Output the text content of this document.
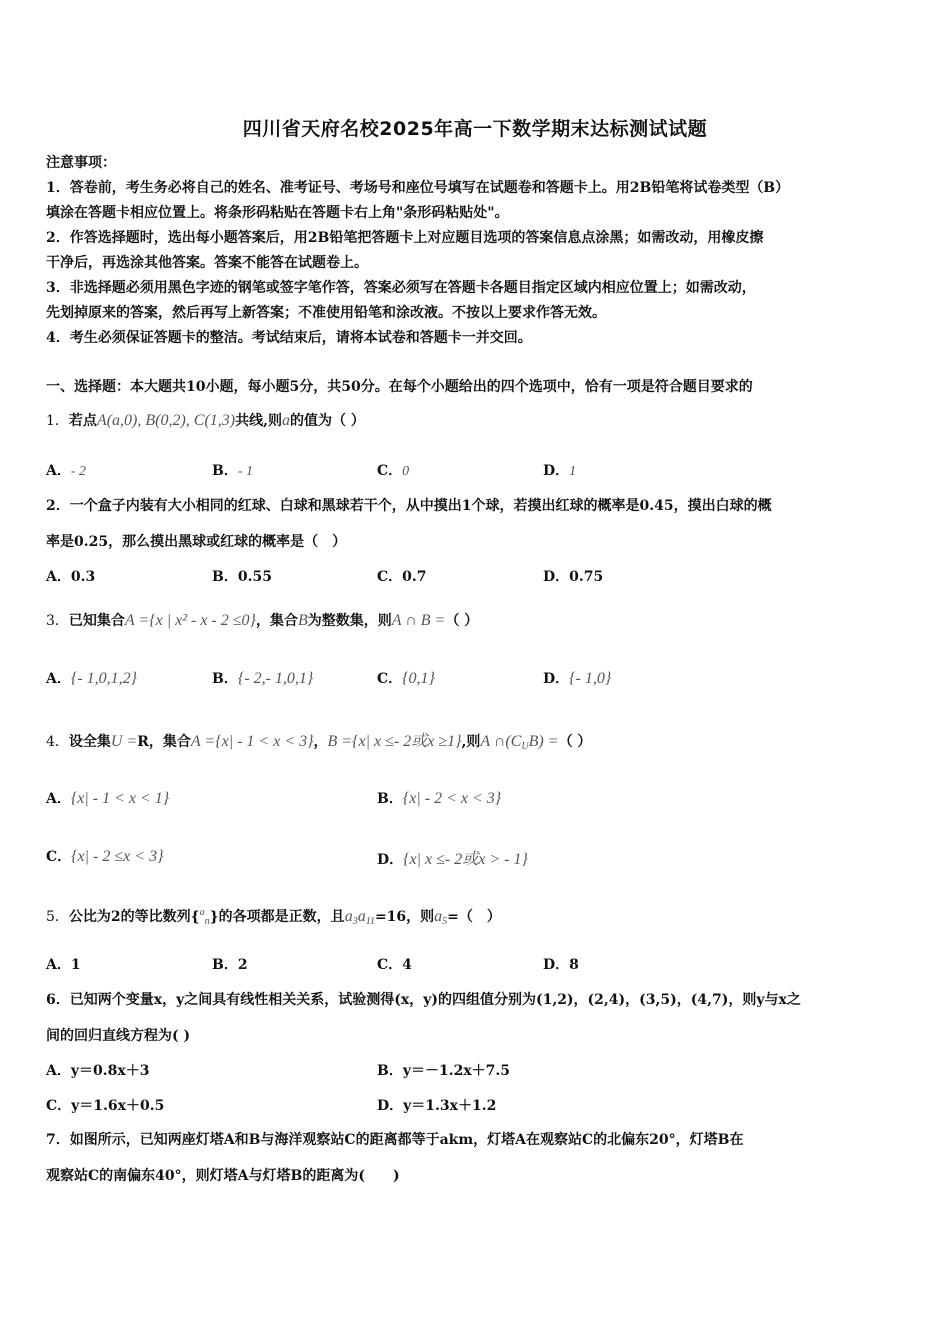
四川省天府名校2025年高一下数学期末达标测试试题
注意事项：
1．答卷前，考生务必将自己的姓名、准考证号、考场号和座位号填写在试题卷和答题卡上。用2B铅笔将试卷类型（B）
填涂在答题卡相应位置上。将条形码粘贴在答题卡右上角"条形码粘贴处"。
2．作答选择题时，选出每小题答案后，用2B铅笔把答题卡上对应题目选项的答案信息点涂黑；如需改动，用橡皮擦
干净后，再选涂其他答案。答案不能答在试题卷上。
3．非选择题必须用黑色字迹的钢笔或签字笔作答，答案必须写在答题卡各题目指定区域内相应位置上；如需改动，
先划掉原来的答案，然后再写上新答案；不准使用铅笔和涂改液。不按以上要求作答无效。
4．考生必须保证答题卡的整洁。考试结束后，请将本试卷和答题卡一并交回。
一、选择题：本大题共10小题，每小题5分，共50分。在每个小题给出的四个选项中，恰有一项是符合题目要求的
1．若点A(a,0), B(0,2), C(1,3)共线,则a的值为（ ）
A．- 2	B．- 1	C．0	D．1
2．一个盒子内装有大小相同的红球、白球和黑球若干个，从中摸出1个球，若摸出红球的概率是0.45，摸出白球的概
率是0.25，那么摸出黑球或红球的概率是（　）
A．0.3	B．0.55	C．0.7	D．0.75
3．已知集合A ={x | x² - x - 2 ≤0}，集合B为整数集，则A ∩ B =（ ）
A．{- 1,0,1,2}	B．{- 2,- 1,0,1}	C．{0,1}	D．{- 1,0}
4．设全集U =R，集合A ={x| - 1 < x < 3}，B ={x| x ≤- 2或x ≥1},则A $\cap(C_UB)$ =（ ）
A．{x| - 1 < x < 1}	B．{x| - 2 < x < 3}
C．{x| - 2 ≤x < 3}	D．{x| x ≤- 2或x > - 1}
5．公比为2的等比数列{$^a_n$}的各项都是正数，且$a_3a_{11}=16$，则$a_5=$（　）
A．1	B．2	C．4	D．8
6．已知两个变量x，y之间具有线性相关关系，试验测得(x，y)的四组值分别为(1,2)，(2,4)，(3,5)，(4,7)，则y与x之
间的回归直线方程为( )
A．y＝0.8x＋3	B．y＝－1.2x＋7.5
C．y＝1.6x＋0.5	D．y＝1.3x＋1.2
7．如图所示，已知两座灯塔A和B与海洋观察站C的距离都等于akm，灯塔A在观察站C的北偏东20°，灯塔B在
观察站C的南偏东40°，则灯塔A与灯塔B的距离为(　　)
